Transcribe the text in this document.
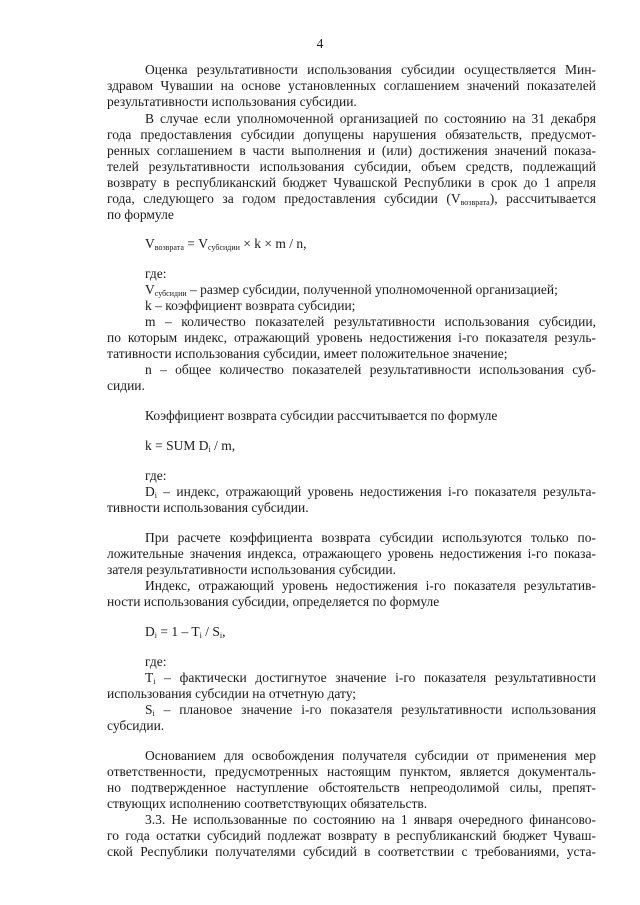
4
Оценка результативности использования субсидии осуществляется Мин-
здравом Чувашии на основе установленных соглашением значений показателей
результативности использования субсидии.
В случае если уполномоченной организацией по состоянию на 31 декабря
года предоставления субсидии допущены нарушения обязательств, предусмот-
ренных соглашением в части выполнения и (или) достижения значений показа-
телей результативности использования субсидии, объем средств, подлежащий
возврату в республиканский бюджет Чувашской Республики в срок до 1 апреля
года, следующего за годом предоставления субсидии $(V_{возврата})$, рассчитывается
по формуле
$V_{возврата} = V_{субсидии} \times k \times m / n$,
где:
$V_{субсидии}$ – размер субсидии, полученной уполномоченной организацией;
k – коэффициент возврата субсидии;
m – количество показателей результативности использования субсидии,
по которым индекс, отражающий уровень недостижения i-го показателя резуль-
тативности использования субсидии, имеет положительное значение;
n – общее количество показателей результативности использования суб-
сидии.
Коэффициент возврата субсидии рассчитывается по формуле
k = SUM $D_i$ / m,
где:
$D_i$ – индекс, отражающий уровень недостижения i-го показателя результа-
тивности использования субсидии.
При расчете коэффициента возврата субсидии используются только по-
ложительные значения индекса, отражающего уровень недостижения i-го показа-
зателя результативности использования субсидии.
Индекс, отражающий уровень недостижения i-го показателя результатив-
ности использования субсидии, определяется по формуле
$D_i = 1 - T_i / S_i$,
где:
$T_i$ – фактически достигнутое значение i-го показателя результативности
использования субсидии на отчетную дату;
$S_i$ – плановое значение i-го показателя результативности использования
субсидии.
Основанием для освобождения получателя субсидии от применения мер
ответственности, предусмотренных настоящим пунктом, является документаль-
но подтвержденное наступление обстоятельств непреодолимой силы, препят-
ствующих исполнению соответствующих обязательств.
3.3. Не использованные по состоянию на 1 января очередного финансово-
го года остатки субсидий подлежат возврату в республиканский бюджет Чуваш-
ской Республики получателями субсидий в соответствии с требованиями, уста-
